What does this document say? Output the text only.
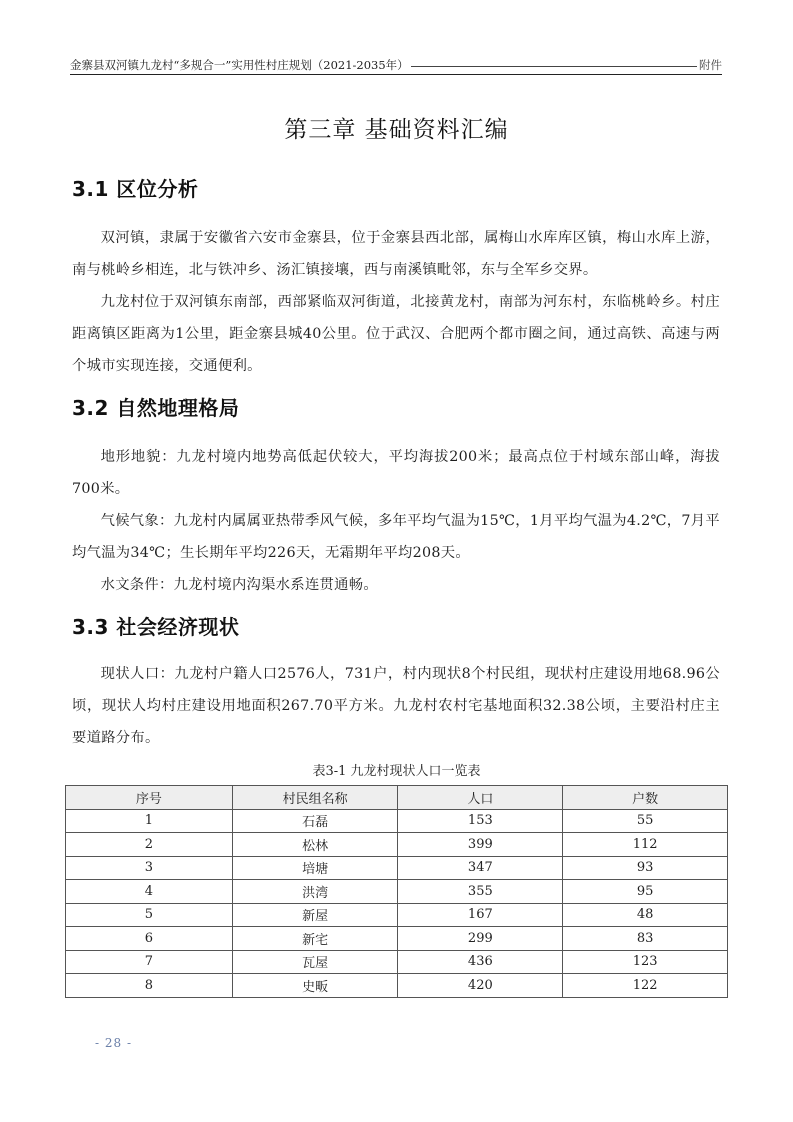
金寨县双河镇九龙村“多规合一”实用性村庄规划（2021-2035年）	附件
第三章 基础资料汇编
3.1 区位分析
双河镇，隶属于安徽省六安市金寨县，位于金寨县西北部，属梅山水库库区镇，梅山水库上游，南与桃岭乡相连，北与铁冲乡、汤汇镇接壤，西与南溪镇毗邻，东与全军乡交界。
九龙村位于双河镇东南部，西部紧临双河街道，北接黄龙村，南部为河东村，东临桃岭乡。村庄距离镇区距离为1公里，距金寨县城40公里。位于武汉、合肥两个都市圈之间，通过高铁、高速与两个城市实现连接，交通便利。
3.2 自然地理格局
地形地貌：九龙村境内地势高低起伏较大，平均海拔200米；最高点位于村域东部山峰，海拔700米。
气候气象：九龙村内属属亚热带季风气候，多年平均气温为15℃，1月平均气温为4.2℃，7月平均气温为34℃；生长期年平均226天，无霜期年平均208天。
水文条件：九龙村境内沟渠水系连贯通畅。
3.3 社会经济现状
现状人口：九龙村户籍人口2576人，731户，村内现状8个村民组，现状村庄建设用地68.96公顷，现状人均村庄建设用地面积267.70平方米。九龙村农村宅基地面积32.38公顷，主要沿村庄主要道路分布。
表3-1 九龙村现状人口一览表
序号	村民组名称	人口	户数
1	石磊	153	55
2	松林	399	112
3	培塘	347	93
4	洪湾	355	95
5	新屋	167	48
6	新宅	299	83
7	瓦屋	436	123
8	史畈	420	122
- 28 -
